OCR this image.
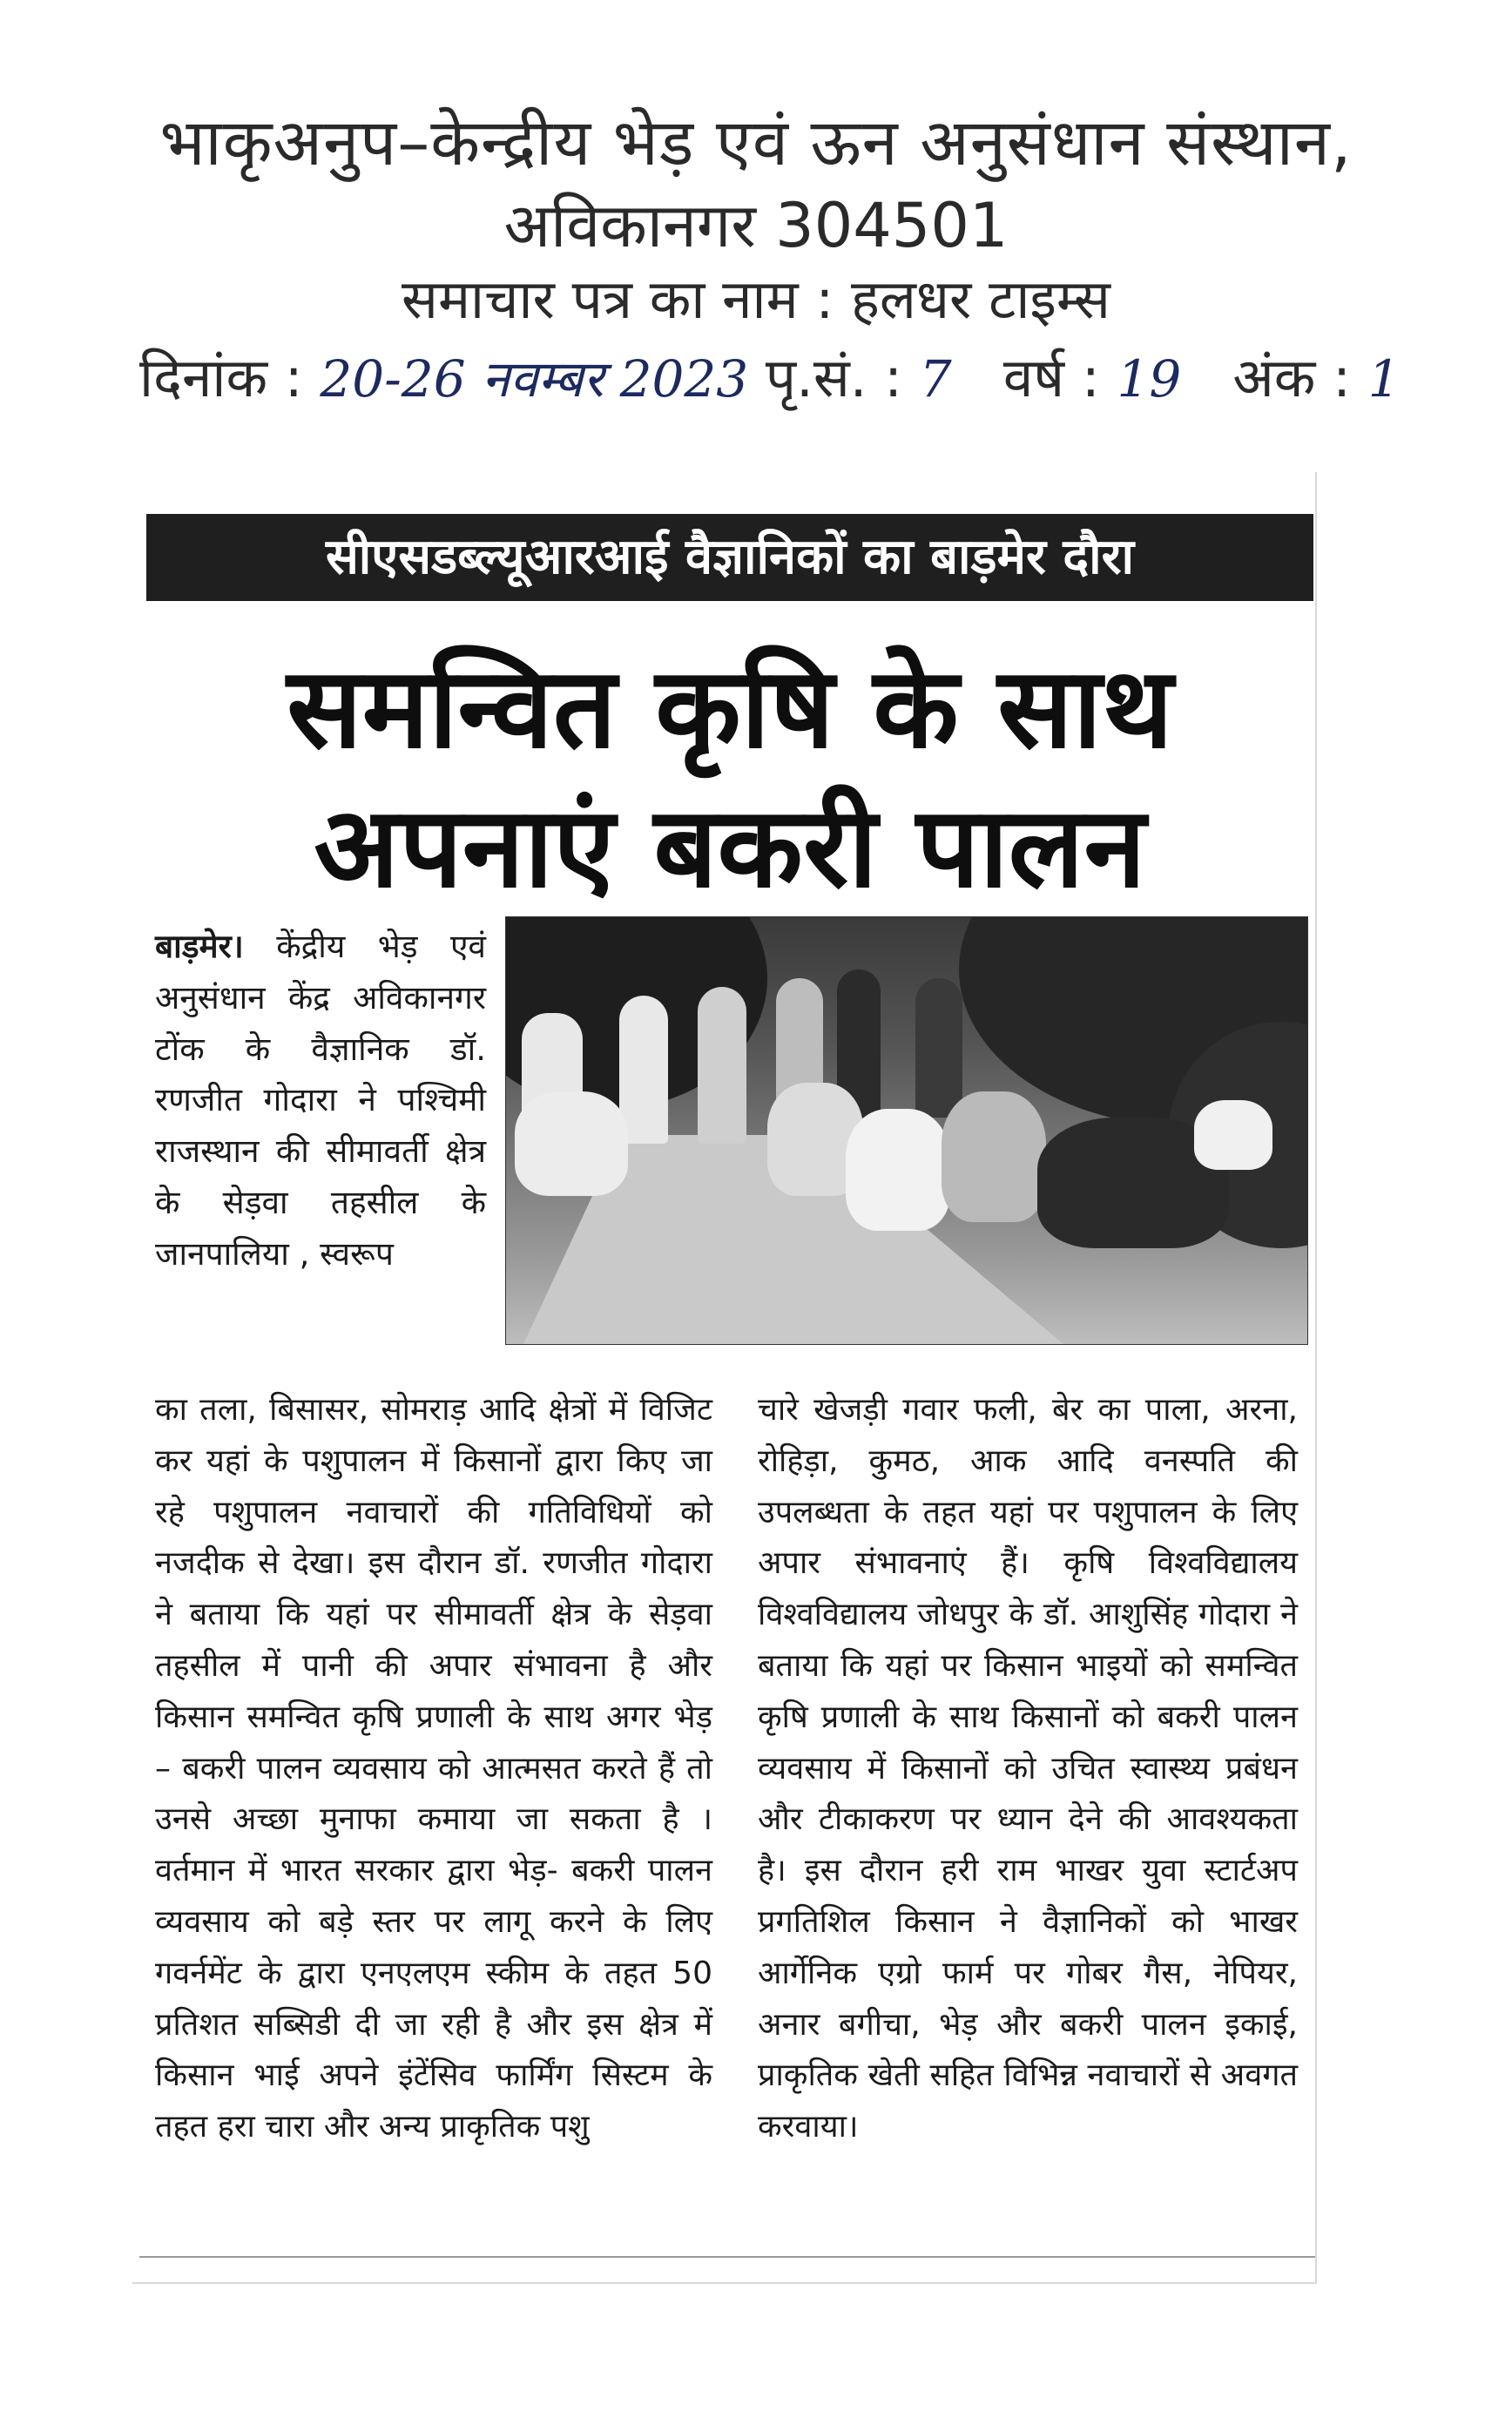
भाकृअनुप–केन्द्रीय भेड़ एवं ऊन अनुसंधान संस्थान,
अविकानगर 304501
समाचार पत्र का नाम : हलधर टाइम्स
दिनांक : 20-26 नवम्बर 2023 पृ.सं. : 7 वर्ष : 19 अंक : 1
सीएसडब्ल्यूआरआई वैज्ञानिकों का बाड़मेर दौरा
समन्वित कृषि के साथ
अपनाएं बकरी पालन
बाड़मेर। केंद्रीय भेड़ एवं अनुसंधान केंद्र अविकानगर टोंक के वैज्ञानिक डॉ. रणजीत गोदारा ने पश्चिमी राजस्थान की सीमावर्ती क्षेत्र के सेड़वा तहसील के जानपालिया , स्वरूप
का तला, बिसासर, सोमराड़ आदि क्षेत्रों में विजिट कर यहां के पशुपालन में किसानों द्वारा किए जा रहे पशुपालन नवाचारों की गतिविधियों को नजदीक से देखा। इस दौरान डॉ. रणजीत गोदारा ने बताया कि यहां पर सीमावर्ती क्षेत्र के सेड़वा तहसील में पानी की अपार संभावना है और किसान समन्वित कृषि प्रणाली के साथ अगर भेड़ – बकरी पालन व्यवसाय को आत्मसत करते हैं तो उनसे अच्छा मुनाफा कमाया जा सकता है । वर्तमान में भारत सरकार द्वारा भेड़- बकरी पालन व्यवसाय को बड़े स्तर पर लागू करने के लिए गवर्नमेंट के द्वारा एनएलएम स्कीम के तहत 50 प्रतिशत सब्सिडी दी जा रही है और इस क्षेत्र में किसान भाई अपने इंटेंसिव फार्मिंग सिस्टम के तहत हरा चारा और अन्य प्राकृतिक पशु
चारे खेजड़ी गवार फली, बेर का पाला, अरना, रोहिड़ा, कुमठ, आक आदि वनस्पति की उपलब्धता के तहत यहां पर पशुपालन के लिए अपार संभावनाएं हैं। कृषि विश्वविद्यालय विश्वविद्यालय जोधपुर के डॉ. आशुसिंह गोदारा ने बताया कि यहां पर किसान भाइयों को समन्वित कृषि प्रणाली के साथ किसानों को बकरी पालन व्यवसाय में किसानों को उचित स्वास्थ्य प्रबंधन और टीकाकरण पर ध्यान देने की आवश्यकता है। इस दौरान हरी राम भाखर युवा स्टार्टअप प्रगतिशिल किसान ने वैज्ञानिकों को भाखर आर्गेनिक एग्रो फार्म पर गोबर गैस, नेपियर, अनार बगीचा, भेड़ और बकरी पालन इकाई, प्राकृतिक खेती सहित विभिन्न नवाचारों से अवगत करवाया।
